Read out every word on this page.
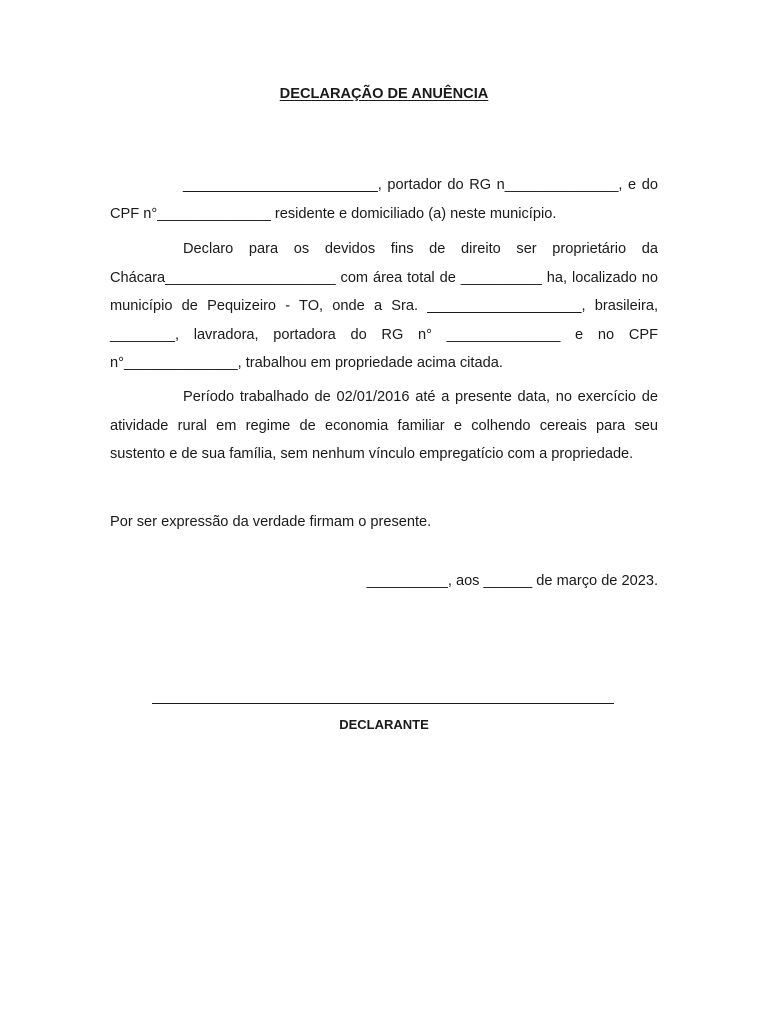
DECLARAÇÃO DE ANUÊNCIA

________________________, portador do RG n______________, e do CPF n°______________ residente e domiciliado (a) neste município.

Declaro para os devidos fins de direito ser proprietário da Chácara_____________________ com área total de __________ ha, localizado no município de Pequizeiro - TO, onde a Sra. ___________________, brasileira, ________, lavradora, portadora do RG n° ______________ e no CPF n°______________, trabalhou em propriedade acima citada.

Período trabalhado de 02/01/2016 até a presente data, no exercício de atividade rural em regime de economia familiar e colhendo cereais para seu sustento e de sua família, sem nenhum vínculo empregatício com a propriedade.

Por ser expressão da verdade firmam o presente.

__________, aos ______ de março de 2023.
DECLARANTE
